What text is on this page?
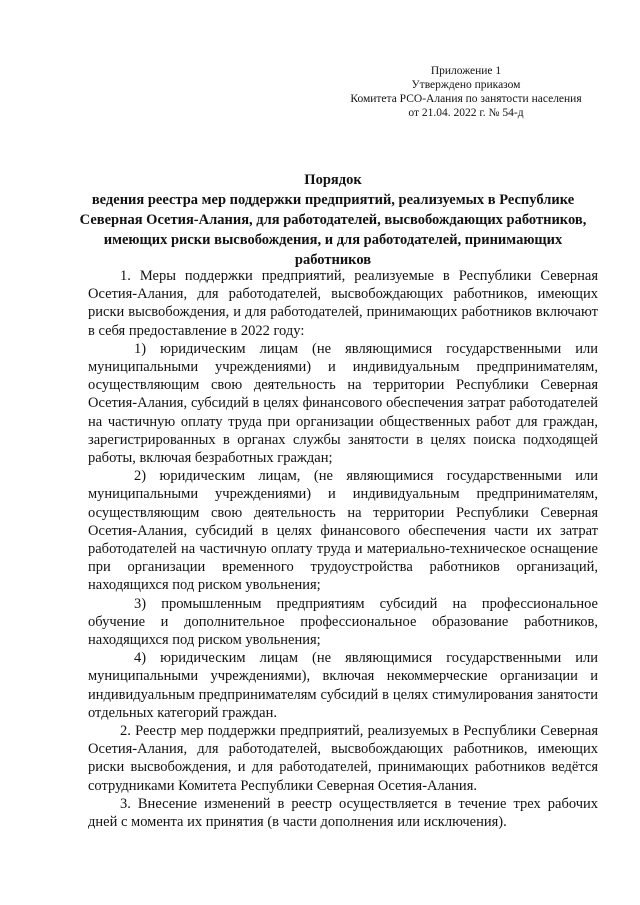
Приложение 1
Утверждено приказом
Комитета РСО-Алания по занятости населения
от 21.04. 2022 г. № 54-д
Порядок
ведения реестра мер поддержки предприятий, реализуемых в Республике Северная Осетия-Алания, для работодателей, высвобождающих работников, имеющих риски высвобождения, и для работодателей, принимающих работников

1. Меры поддержки предприятий, реализуемые в Республики Северная Осетия-Алания, для работодателей, высвобождающих работников, имеющих риски высвобождения, и для работодателей, принимающих работников включают в себя предоставление в 2022 году:

1) юридическим лицам (не являющимися государственными или муниципальными учреждениями) и индивидуальным предпринимателям, осуществляющим свою деятельность на территории Республики Северная Осетия-Алания, субсидий в целях финансового обеспечения затрат работодателей на частичную оплату труда при организации общественных работ для граждан, зарегистрированных в органах службы занятости в целях поиска подходящей работы, включая безработных граждан;

2) юридическим лицам, (не являющимися государственными или муниципальными учреждениями) и индивидуальным предпринимателям, осуществляющим свою деятельность на территории Республики Северная Осетия-Алания, субсидий в целях финансового обеспечения части их затрат работодателей на частичную оплату труда и материально-техническое оснащение при организации временного трудоустройства работников организаций, находящихся под риском увольнения;

3) промышленным предприятиям субсидий на профессиональное обучение и дополнительное профессиональное образование работников, находящихся под риском увольнения;

4) юридическим лицам (не являющимися государственными или муниципальными учреждениями), включая некоммерческие организации и индивидуальным предпринимателям субсидий в целях стимулирования занятости отдельных категорий граждан.

2. Реестр мер поддержки предприятий, реализуемых в Республики Северная Осетия-Алания, для работодателей, высвобождающих работников, имеющих риски высвобождения, и для работодателей, принимающих работников ведётся сотрудниками Комитета Республики Северная Осетия-Алания.

3. Внесение изменений в реестр осуществляется в течение трех рабочих дней с момента их принятия (в части дополнения или исключения).
